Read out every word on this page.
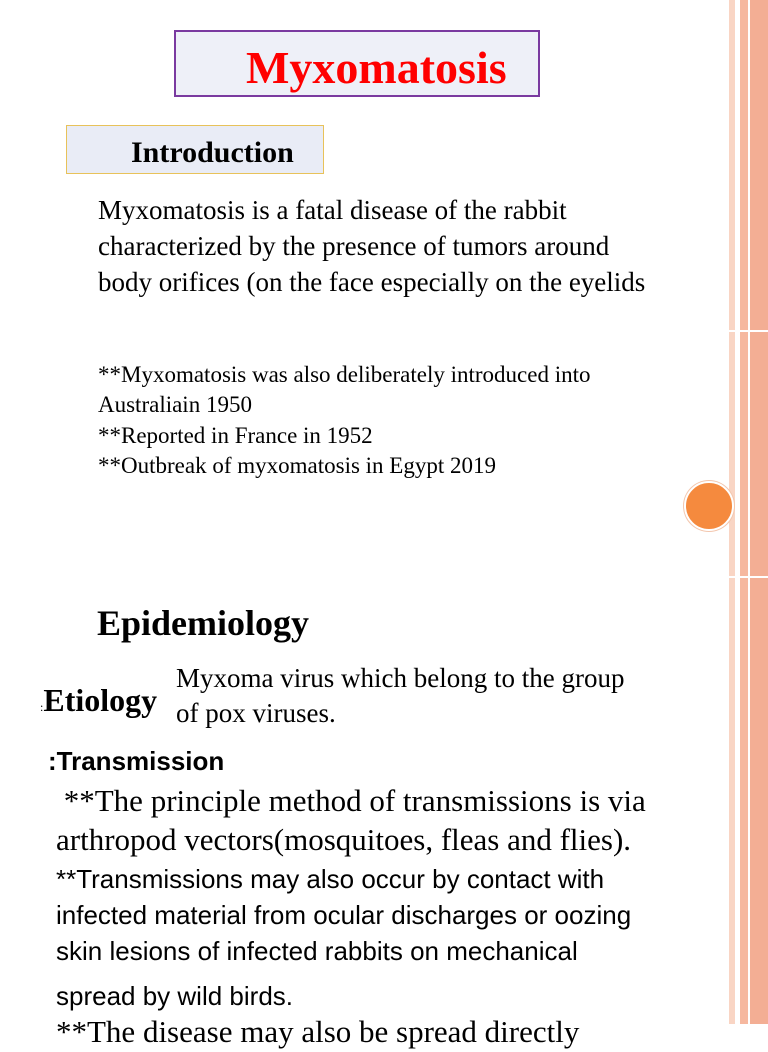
Myxomatosis
Introduction
Myxomatosis is a fatal disease of the rabbit
characterized by the presence of tumors around
body orifices (on the face especially on the eyelids
**Myxomatosis was also deliberately introduced into
Australiain 1950
**Reported in France in 1952
**Outbreak of myxomatosis in Egypt 2019
Epidemiology
:Etiology
Myxoma virus which belong to the group
of pox viruses.
:Transmission
**The principle method of transmissions is via
arthropod vectors(mosquitoes, fleas and flies).
**Transmissions may also occur by contact with
infected material from ocular discharges or oozing
skin lesions of infected rabbits on mechanical
spread by wild birds.
**The disease may also be spread directly
